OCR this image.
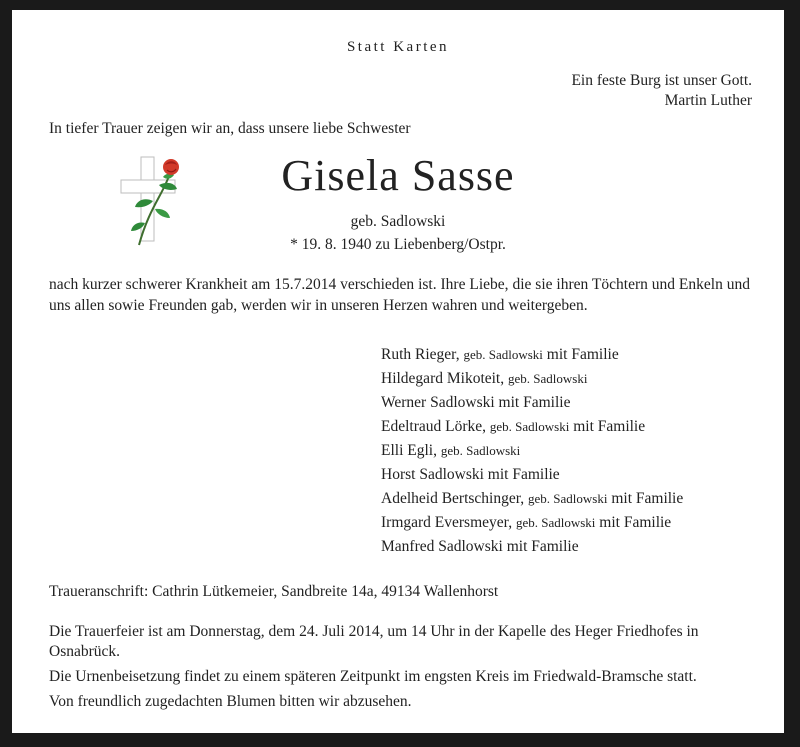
Statt Karten
Ein feste Burg ist unser Gott.
Martin Luther
In tiefer Trauer zeigen wir an, dass unsere liebe Schwester
Gisela Sasse
geb. Sadlowski
* 19. 8. 1940 zu Liebenberg/Ostpr.
nach kurzer schwerer Krankheit am 15.7.2014 verschieden ist. Ihre Liebe, die sie ihren Töchtern und Enkeln und uns allen sowie Freunden gab, werden wir in unseren Herzen wahren und weitergeben.
Ruth Rieger, geb. Sadlowski mit Familie
Hildegard Mikoteit, geb. Sadlowski
Werner Sadlowski mit Familie
Edeltraud Lörke, geb. Sadlowski mit Familie
Elli Egli, geb. Sadlowski
Horst Sadlowski mit Familie
Adelheid Bertschinger, geb. Sadlowski mit Familie
Irmgard Eversmeyer, geb. Sadlowski mit Familie
Manfred Sadlowski mit Familie
Traueranschrift: Cathrin Lütkemeier, Sandbreite 14a, 49134 Wallenhorst

Die Trauerfeier ist am Donnerstag, dem 24. Juli 2014, um 14 Uhr in der Kapelle des Heger Friedhofes in Osnabrück.

Die Urnenbeisetzung findet zu einem späteren Zeitpunkt im engsten Kreis im Friedwald-Bramsche statt.

Von freundlich zugedachten Blumen bitten wir abzusehen.
